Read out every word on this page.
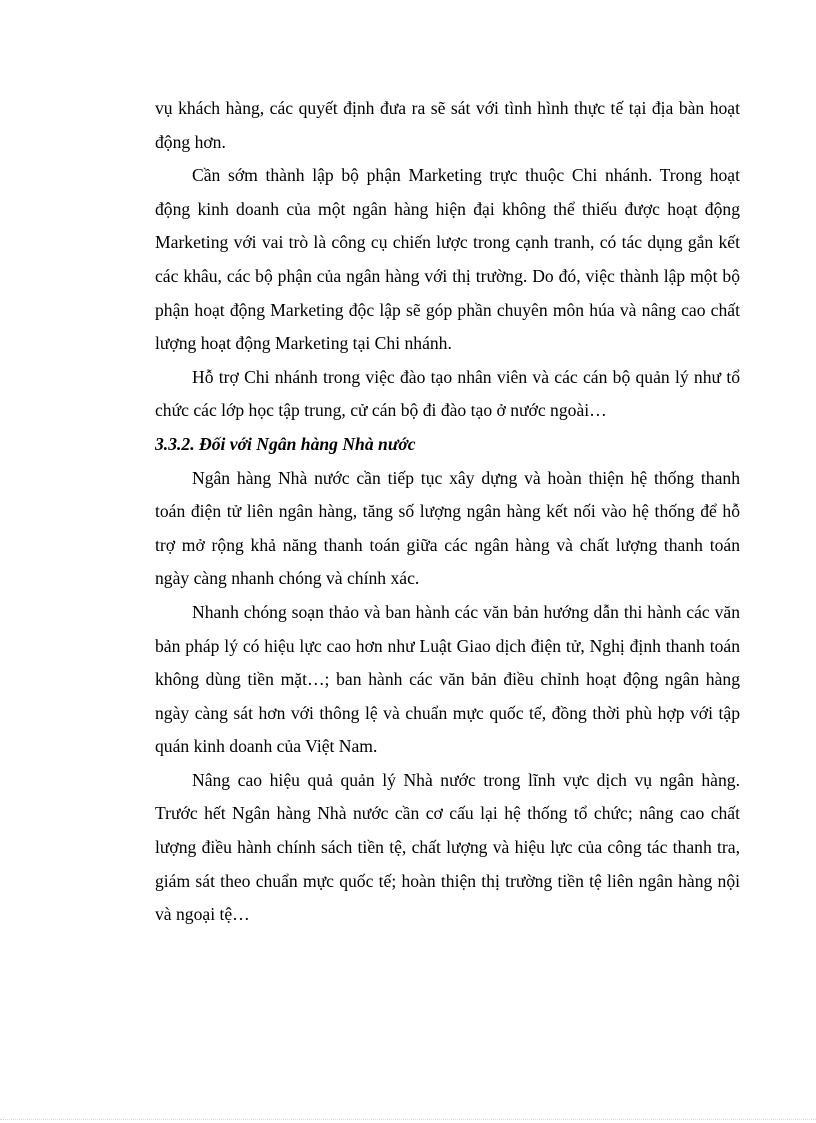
vụ khách hàng, các quyết định đưa ra sẽ sát với tình hình thực tế tại địa bàn hoạt động hơn.

Cần sớm thành lập bộ phận Marketing trực thuộc Chi nhánh. Trong hoạt động kinh doanh của một ngân hàng hiện đại không thể thiếu được hoạt động Marketing với vai trò là công cụ chiến lược trong cạnh tranh, có tác dụng gắn kết các khâu, các bộ phận của ngân hàng với thị trường. Do đó, việc thành lập một bộ phận hoạt động Marketing độc lập sẽ góp phần chuyên môn húa và nâng cao chất lượng hoạt động Marketing tại Chi nhánh.

Hỗ trợ Chi nhánh trong việc đào tạo nhân viên và các cán bộ quản lý như tổ chức các lớp học tập trung, cử cán bộ đi đào tạo ở nước ngoài…

3.3.2. Đối với Ngân hàng Nhà nước

Ngân hàng Nhà nước cần tiếp tục xây dựng và hoàn thiện hệ thống thanh toán điện tử liên ngân hàng, tăng số lượng ngân hàng kết nối vào hệ thống để hỗ trợ mở rộng khả năng thanh toán giữa các ngân hàng và chất lượng thanh toán ngày càng nhanh chóng và chính xác.

Nhanh chóng soạn thảo và ban hành các văn bản hướng dẫn thi hành các văn bản pháp lý có hiệu lực cao hơn như Luật Giao dịch điện tử, Nghị định thanh toán không dùng tiền mặt…; ban hành các văn bản điều chỉnh hoạt động ngân hàng ngày càng sát hơn với thông lệ và chuẩn mực quốc tế, đồng thời phù hợp với tập quán kinh doanh của Việt Nam.

Nâng cao hiệu quả quản lý Nhà nước trong lĩnh vực dịch vụ ngân hàng. Trước hết Ngân hàng Nhà nước cần cơ cấu lại hệ thống tổ chức; nâng cao chất lượng điều hành chính sách tiền tệ, chất lượng và hiệu lực của công tác thanh tra, giám sát theo chuẩn mực quốc tế; hoàn thiện thị trường tiền tệ liên ngân hàng nội và ngoại tệ…
